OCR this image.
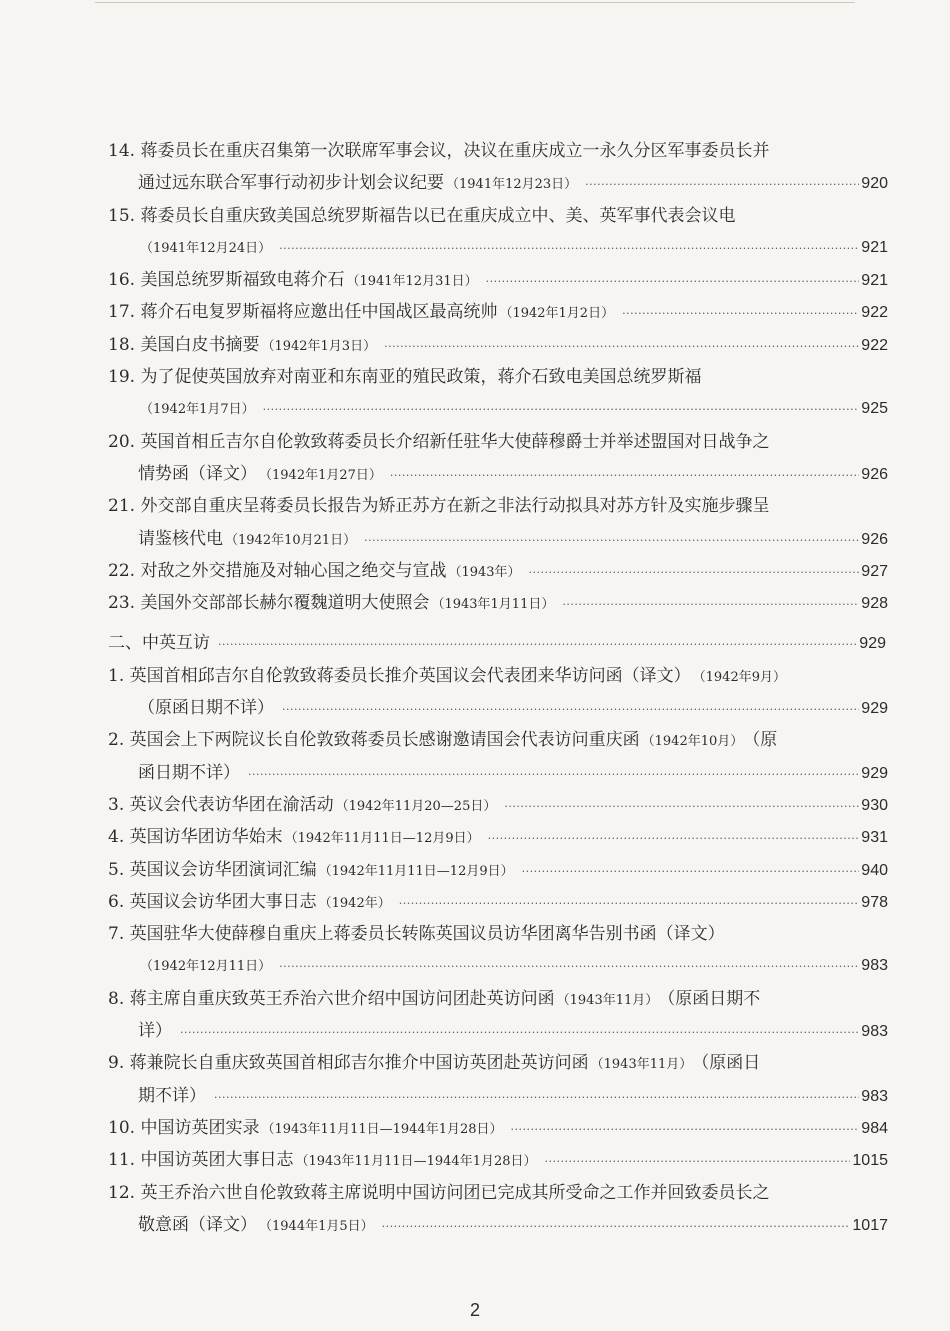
14. 蒋委员长在重庆召集第一次联席军事会议，决议在重庆成立一永久分区军事委员长并
通过远东联合军事行动初步计划会议纪要 （1941年12月23日） ·····	920
15. 蒋委员长自重庆致美国总统罗斯福告以已在重庆成立中、美、英军事代表会议电
（1941年12月24日） ·····	921
16. 美国总统罗斯福致电蒋介石 （1941年12月31日） ·····	921
17. 蒋介石电复罗斯福将应邀出任中国战区最高统帅 （1942年1月2日） ·····	922
18. 美国白皮书摘要 （1942年1月3日） ·····	922
19. 为了促使英国放弃对南亚和东南亚的殖民政策，蒋介石致电美国总统罗斯福
（1942年1月7日） ·····	925
20. 英国首相丘吉尔自伦敦致蒋委员长介绍新任驻华大使薛穆爵士并举述盟国对日战争之
情势函（译文） （1942年1月27日） ·····	926
21. 外交部自重庆呈蒋委员长报告为矫正苏方在新之非法行动拟具对苏方针及实施步骤呈
请鉴核代电 （1942年10月21日） ·····	926
22. 对敌之外交措施及对轴心国之绝交与宣战 （1943年） ·····	927
23. 美国外交部部长赫尔覆魏道明大使照会 （1943年1月11日） ·····	928
二、中英互访 ·····	929
1. 英国首相邱吉尔自伦敦致蒋委员长推介英国议会代表团来华访问函（译文） （1942年9月）
（原函日期不详） ·····	929
2. 英国会上下两院议长自伦敦致蒋委员长感谢邀请国会代表访问重庆函 （1942年10月） （原
函日期不详） ·····	929
3. 英议会代表访华团在渝活动 （1942年11月20—25日） ·····	930
4. 英国访华团访华始末 （1942年11月11日—12月9日） ·····	931
5. 英国议会访华团演词汇编 （1942年11月11日—12月9日） ·····	940
6. 英国议会访华团大事日志 （1942年） ·····	978
7. 英国驻华大使薛穆自重庆上蒋委员长转陈英国议员访华团离华告别书函（译文）
（1942年12月11日） ·····	983
8. 蒋主席自重庆致英王乔治六世介绍中国访问团赴英访问函 （1943年11月） （原函日期不
详） ·····	983
9. 蒋兼院长自重庆致英国首相邱吉尔推介中国访英团赴英访问函 （1943年11月） （原函日
期不详） ·····	983
10. 中国访英团实录 （1943年11月11日—1944年1月28日） ·····	984
11. 中国访英团大事日志 （1943年11月11日—1944年1月28日） ·····	1015
12. 英王乔治六世自伦敦致蒋主席说明中国访问团已完成其所受命之工作并回致委员长之
敬意函（译文） （1944年1月5日） ·····	1017
2
